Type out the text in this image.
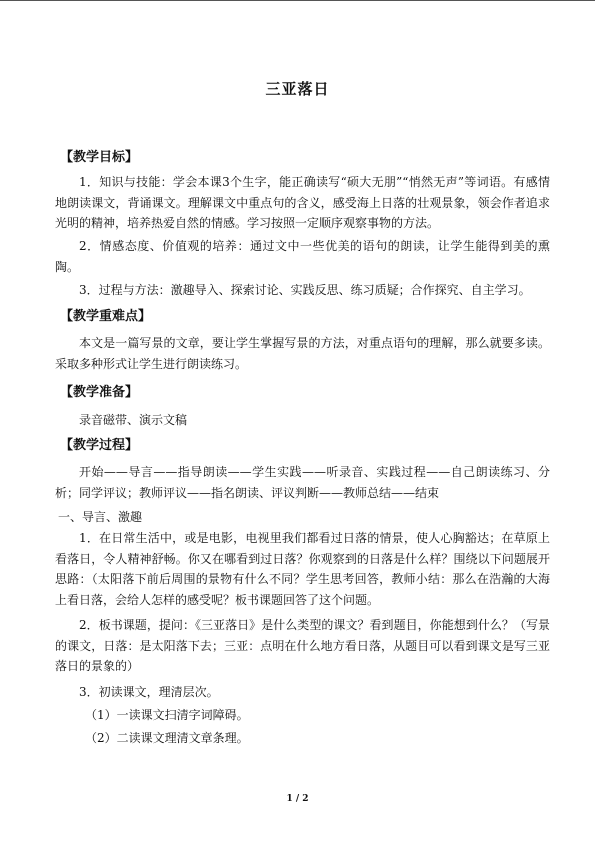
三亚落日
【教学目标】

1．知识与技能：学会本课3个生字，能正确读写“硕大无朋”“悄然无声”等词语。有感情地朗读课文，背诵课文。理解课文中重点句的含义，感受海上日落的壮观景象，领会作者追求光明的精神，培养热爱自然的情感。学习按照一定顺序观察事物的方法。

2．情感态度、价值观的培养：通过文中一些优美的语句的朗读，让学生能得到美的熏陶。

3．过程与方法：激趣导入、探索讨论、实践反思、练习质疑；合作探究、自主学习。

【教学重难点】

本文是一篇写景的文章，要让学生掌握写景的方法，对重点语句的理解，那么就要多读。采取多种形式让学生进行朗读练习。

【教学准备】

录音磁带、演示文稿

【教学过程】

开始——导言——指导朗读——学生实践——听录音、实践过程——自己朗读练习、分析；同学评议；教师评议——指名朗读、评议判断——教师总结——结束

一、导言、激趣

1．在日常生活中，或是电影，电视里我们都看过日落的情景，使人心胸豁达；在草原上看落日，令人精神舒畅。你又在哪看到过日落？你观察到的日落是什么样？围绕以下问题展开思路：（太阳落下前后周围的景物有什么不同？学生思考回答，教师小结：那么在浩瀚的大海上看日落，会给人怎样的感受呢？板书课题回答了这个问题。

2．板书课题，提问：《三亚落日》是什么类型的课文？看到题目，你能想到什么？（写景的课文，日落：是太阳落下去；三亚：点明在什么地方看日落，从题目可以看到课文是写三亚落日的景象的）

3．初读课文，理清层次。

（1）一读课文扫清字词障碍。

（2）二读课文理清文章条理。

1 / 2
